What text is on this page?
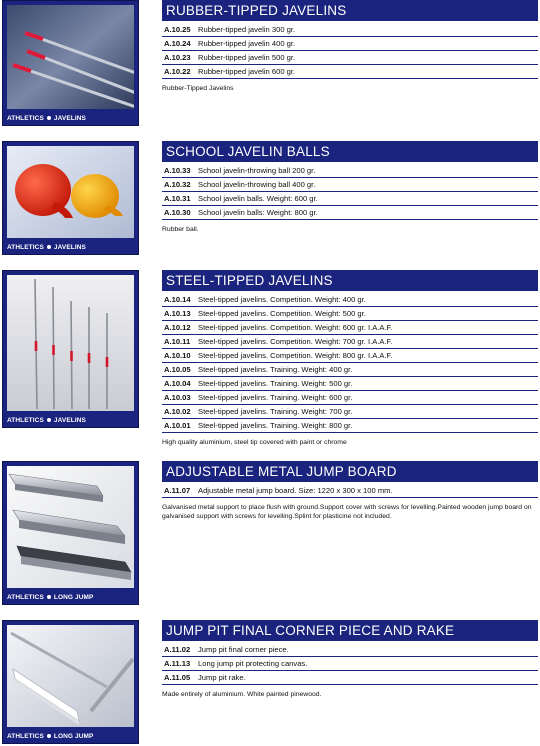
ATHLETICS JAVELINS
RUBBER-TIPPED JAVELINS
A.10.25 Rubber-tipped javelin 300 gr.
A.10.24 Rubber-tipped javelin 400 gr.
A.10.23 Rubber-tipped javelin 500 gr.
A.10.22 Rubber-tipped javelin 600 gr.
Rubber-Tipped Javelins
ATHLETICS JAVELINS
SCHOOL JAVELIN BALLS
A.10.33 School javelin-throwing ball 200 gr.
A.10.32 School javelin-throwing ball 400 gr.
A.10.31 School javelin balls. Weight: 600 gr.
A.10.30 School javelin balls: Weight: 800 gr.
Rubber ball.
ATHLETICS JAVELINS
STEEL-TIPPED JAVELINS
A.10.14 Steel-tipped javelins. Competition. Weight: 400 gr.
A.10.13 Steel-tipped javelins. Competition. Weight: 500 gr.
A.10.12 Steel-tipped javelins. Competition. Weight: 600 gr. I.A.A.F.
A.10.11 Steel-tipped javelins. Competition. Weight: 700 gr. I.A.A.F.
A.10.10 Steel-tipped javelins. Competition. Weight: 800 gr. I.A.A.F.
A.10.05 Steel-tipped javelins. Training. Weight: 400 gr.
A.10.04 Steel-tipped javelins. Training. Weight: 500 gr.
A.10.03 Steel-tipped javelins. Training. Weight: 600 gr.
A.10.02 Steel-tipped javelins. Training. Weight: 700 gr.
A.10.01 Steel-tipped javelins. Training. Weight: 800 gr.
High quality aluminium, steel tip covered with paint or chrome
ATHLETICS LONG JUMP
ADJUSTABLE METAL JUMP BOARD
A.11.07 Adjustable metal jump board. Size: 1220 x 300 x 100 mm.
Galvanised metal support to place flush with ground.Support cover with screws for levelling.Painted wooden jump board on galvanised support with screws for levelling.Splint for plasticine not included.
ATHLETICS LONG JUMP
JUMP PIT FINAL CORNER PIECE AND RAKE
A.11.02 Jump pit final corner piece.
A.11.13 Long jump pit protecting canvas.
A.11.05 Jump pit rake.
Made entirely of aluminium. White painted pinewood.
